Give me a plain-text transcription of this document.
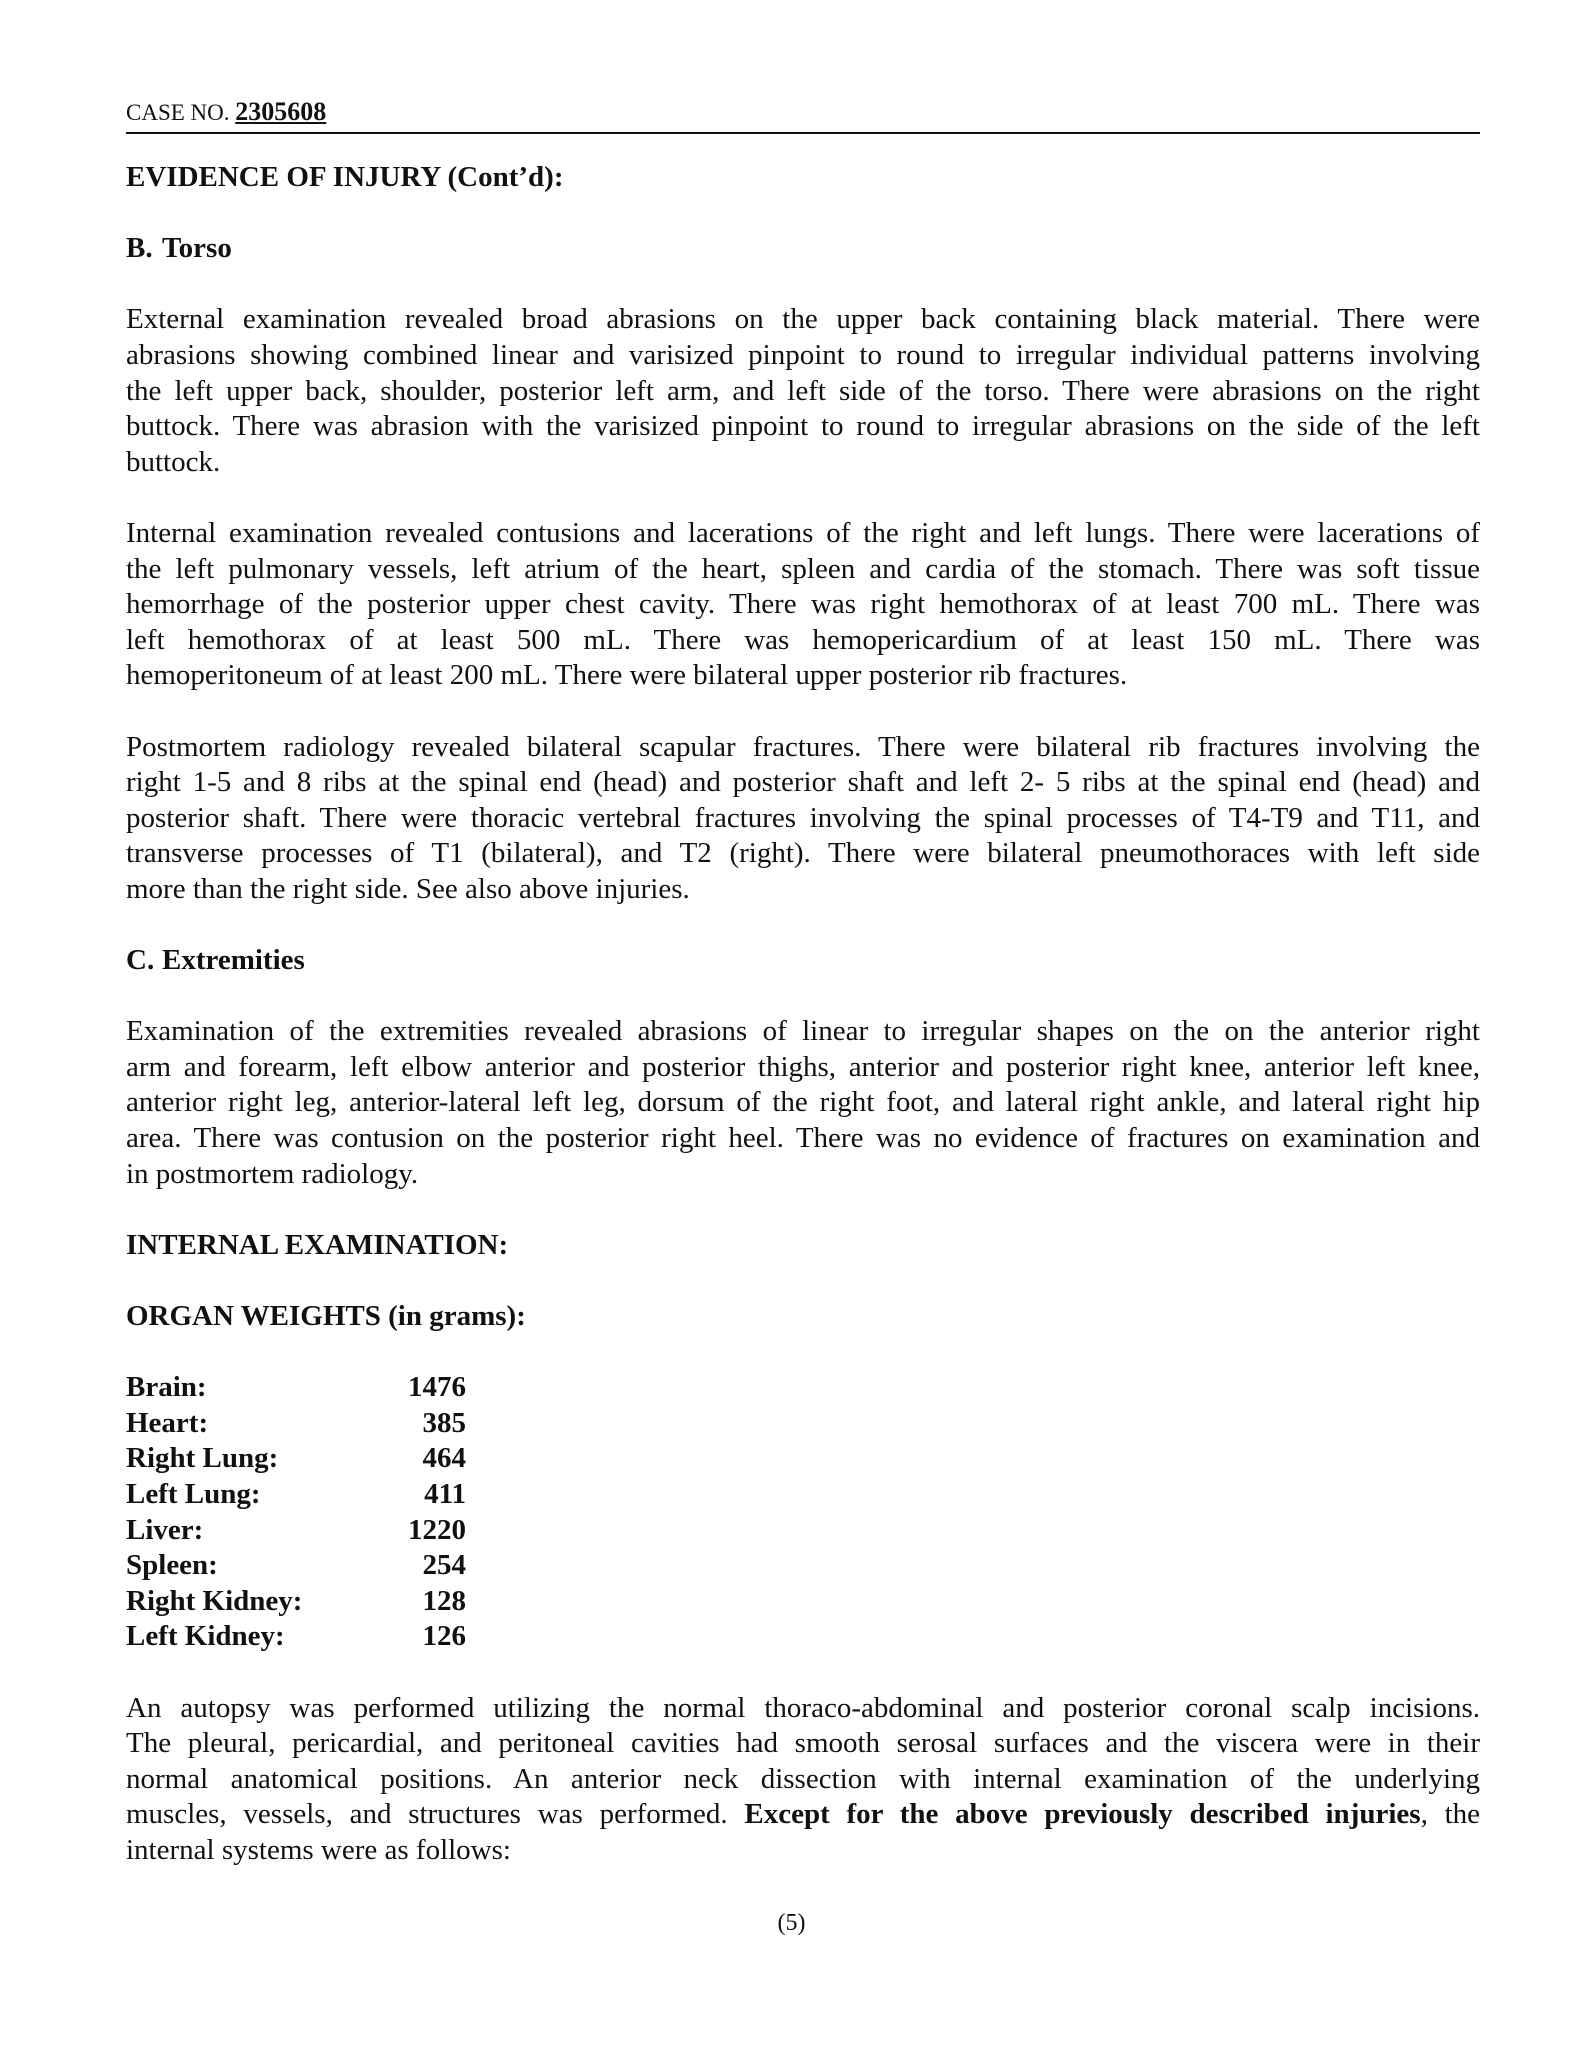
CASE NO. 2305608

EVIDENCE OF INJURY (Cont’d):

B. Torso

External examination revealed broad abrasions on the upper back containing black material. There were
abrasions showing combined linear and varisized pinpoint to round to irregular individual patterns involving
the left upper back, shoulder, posterior left arm, and left side of the torso. There were abrasions on the right
buttock. There was abrasion with the varisized pinpoint to round to irregular abrasions on the side of the left
buttock.

Internal examination revealed contusions and lacerations of the right and left lungs. There were lacerations of
the left pulmonary vessels, left atrium of the heart, spleen and cardia of the stomach. There was soft tissue
hemorrhage of the posterior upper chest cavity. There was right hemothorax of at least 700 mL. There was
left hemothorax of at least 500 mL. There was hemopericardium of at least 150 mL. There was
hemoperitoneum of at least 200 mL. There were bilateral upper posterior rib fractures.

Postmortem radiology revealed bilateral scapular fractures. There were bilateral rib fractures involving the
right 1-5 and 8 ribs at the spinal end (head) and posterior shaft and left 2- 5 ribs at the spinal end (head) and
posterior shaft. There were thoracic vertebral fractures involving the spinal processes of T4-T9 and T11, and
transverse processes of T1 (bilateral), and T2 (right). There were bilateral pneumothoraces with left side
more than the right side. See also above injuries.

C. Extremities

Examination of the extremities revealed abrasions of linear to irregular shapes on the on the anterior right
arm and forearm, left elbow anterior and posterior thighs, anterior and posterior right knee, anterior left knee,
anterior right leg, anterior-lateral left leg, dorsum of the right foot, and lateral right ankle, and lateral right hip
area. There was contusion on the posterior right heel. There was no evidence of fractures on examination and
in postmortem radiology.

INTERNAL EXAMINATION:

ORGAN WEIGHTS (in grams):

Brain:	1476
Heart:	385
Right Lung:	464
Left Lung:	411
Liver:	1220
Spleen:	254
Right Kidney:	128
Left Kidney:	126

An autopsy was performed utilizing the normal thoraco-abdominal and posterior coronal scalp incisions.
The pleural, pericardial, and peritoneal cavities had smooth serosal surfaces and the viscera were in their
normal anatomical positions. An anterior neck dissection with internal examination of the underlying
muscles, vessels, and structures was performed. Except for the above previously described injuries, the
internal systems were as follows:

(5)
